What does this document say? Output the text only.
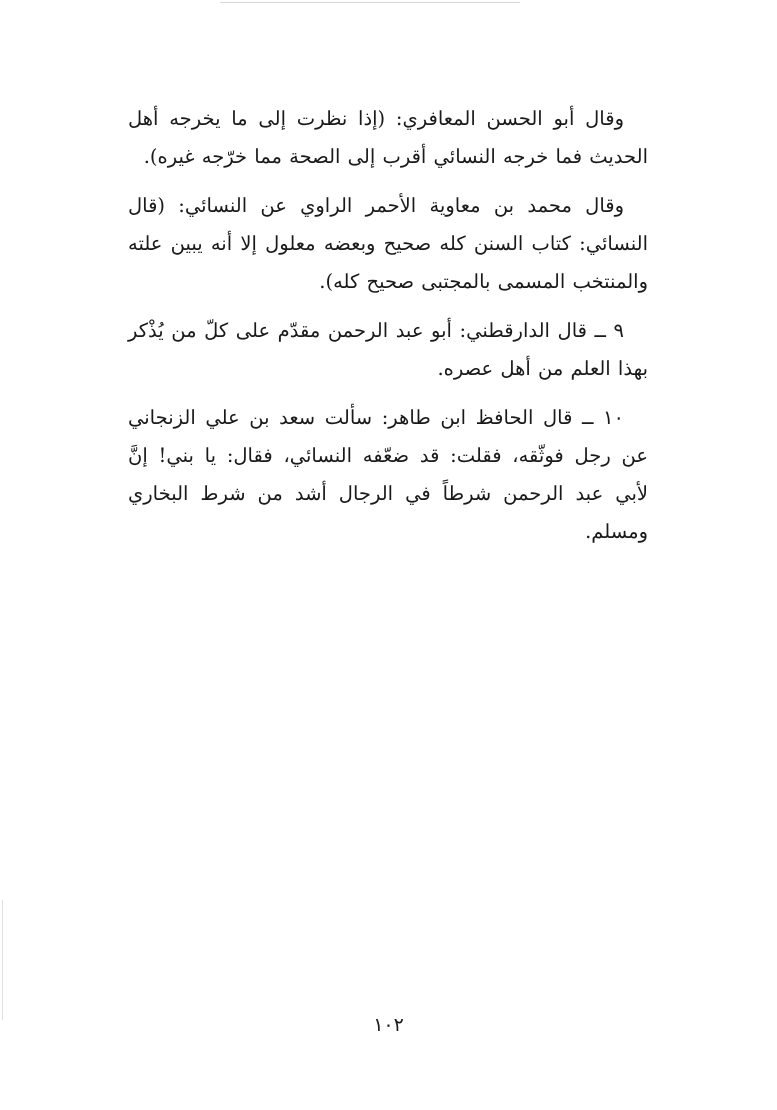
وقال أبو الحسن المعافري: (إذا نظرت إلى ما يخرجه أهل الحديث فما خرجه النسائي أقرب إلى الصحة مما خرّجه غيره).

وقال محمد بن معاوية الأحمر الراوي عن النسائي: (قال النسائي: كتاب السنن كله صحيح وبعضه معلول إلا أنه يبين علته والمنتخب المسمى بالمجتبى صحيح كله).

٩ ــ قال الدارقطني: أبو عبد الرحمن مقدّم على كلّ من يُذْكر بهذا العلم من أهل عصره.

١٠ ــ قال الحافظ ابن طاهر: سألت سعد بن علي الزنجاني عن رجل فوثّقه، فقلت: قد ضعّفه النسائي، فقال: يا بني! إنَّ لأبي عبد الرحمن شرطاً في الرجال أشد من شرط البخاري ومسلم.

١٠٢
